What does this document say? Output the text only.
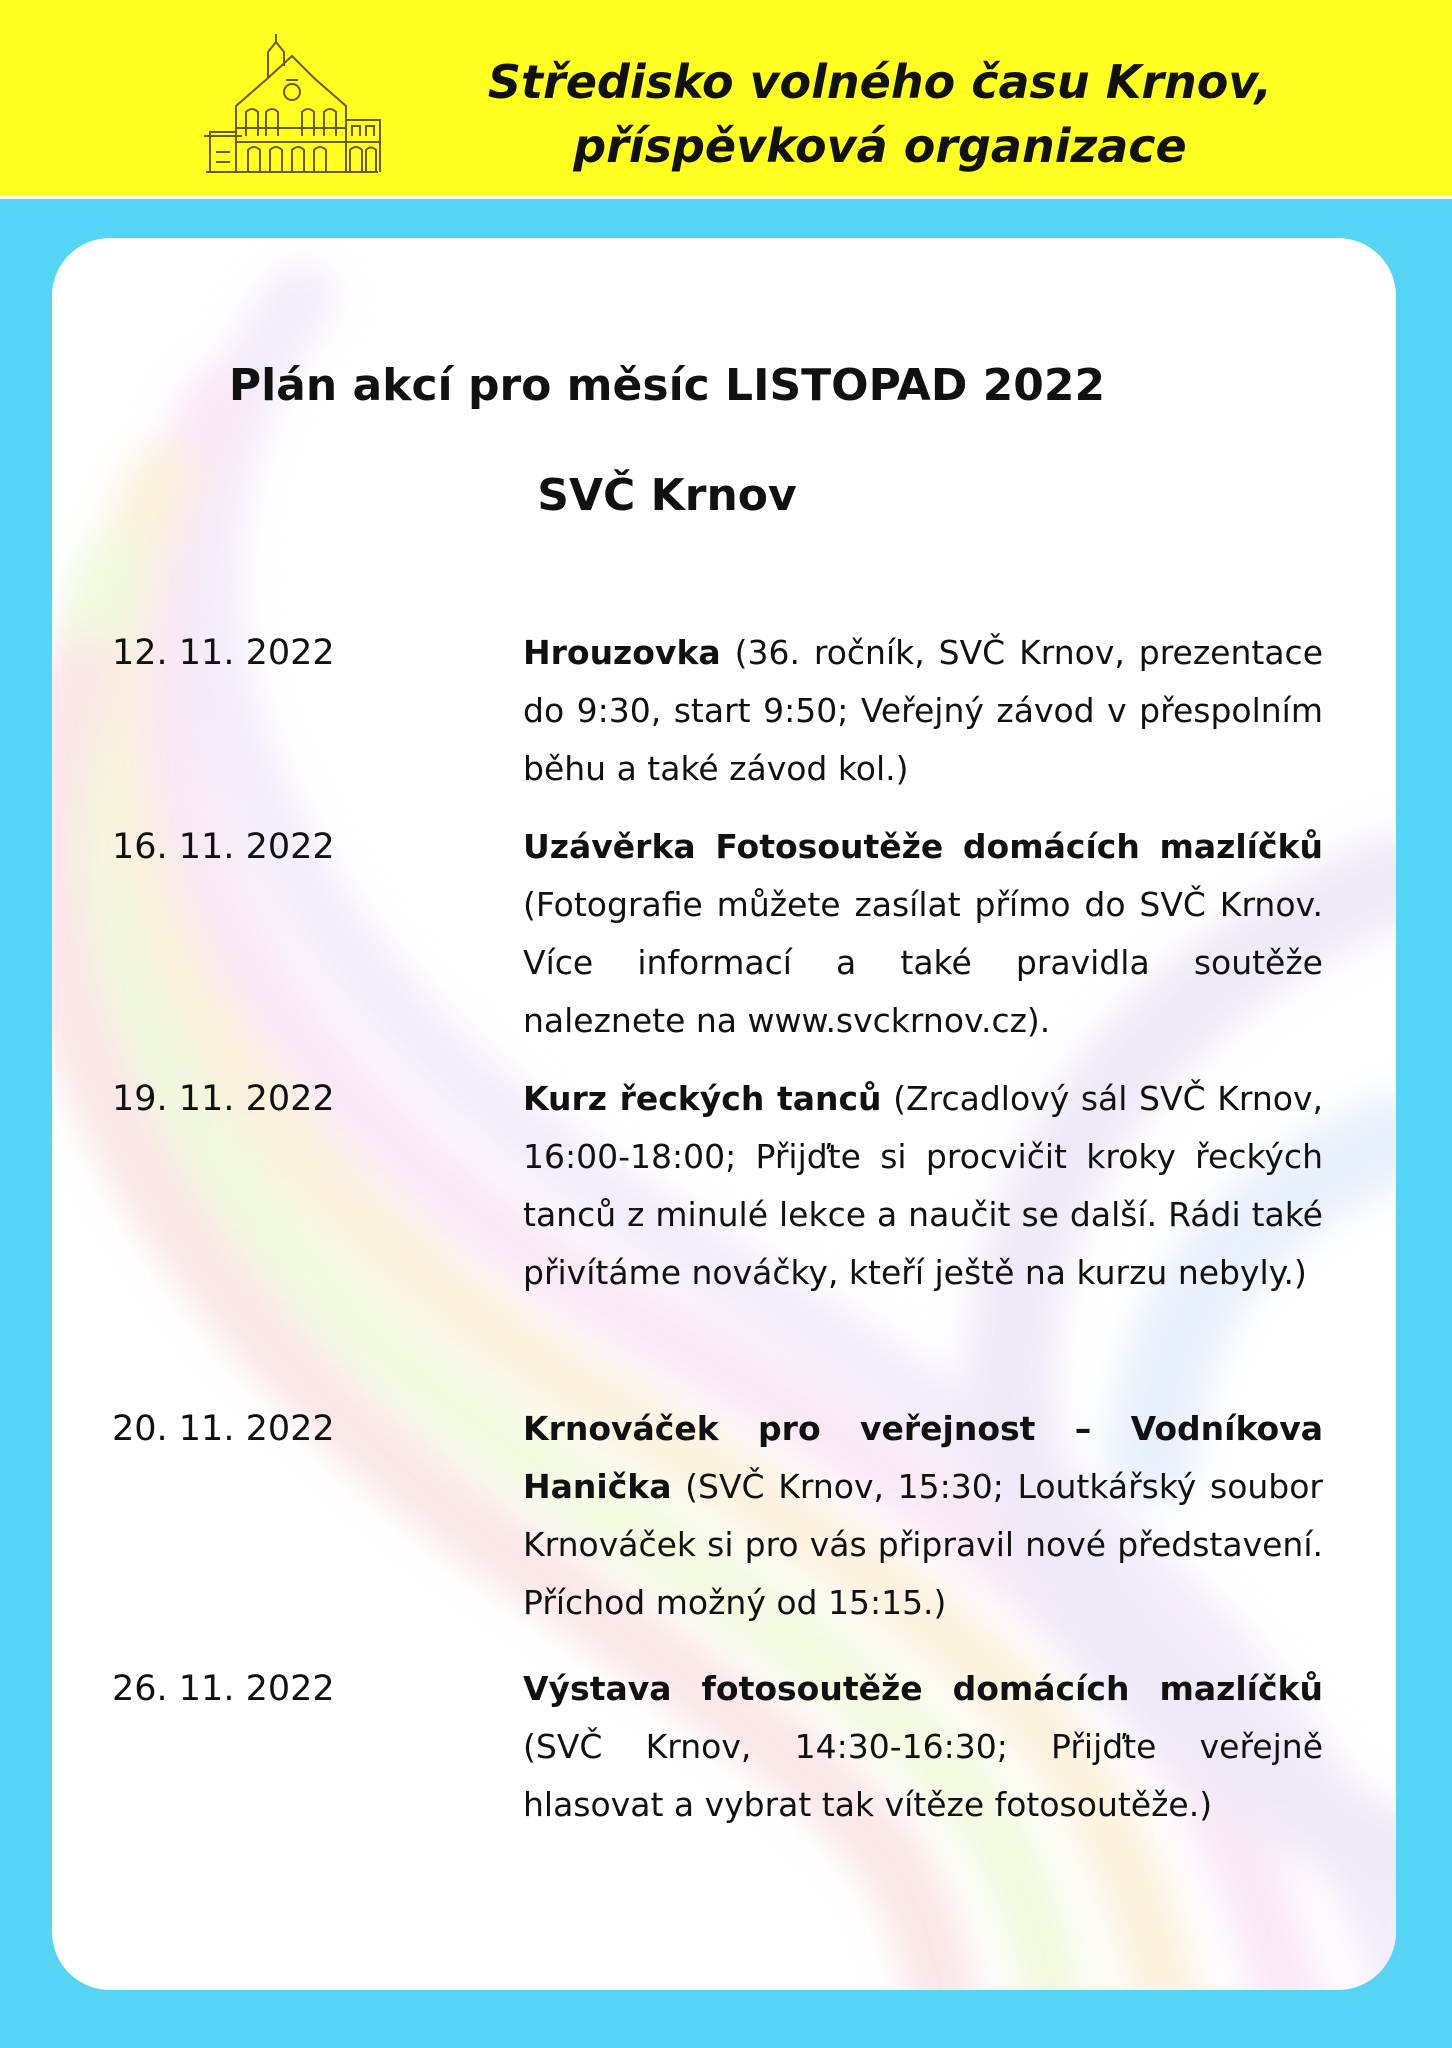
Středisko volného času Krnov,
příspěvková organizace
Plán akcí pro měsíc LISTOPAD 2022
SVČ Krnov
12. 11. 2022	Hrouzovka (36. ročník, SVČ Krnov, prezentace do 9:30, start 9:50; Veřejný závod v přespolním běhu a také závod kol.)
16. 11. 2022	Uzávěrka Fotosoutěže domácích mazlíčků (Fotografie můžete zasílat přímo do SVČ Krnov. Více informací a také pravidla soutěže naleznete na www.svckrnov.cz).
19. 11. 2022	Kurz řeckých tanců (Zrcadlový sál SVČ Krnov, 16:00-18:00; Přijďte si procvičit kroky řeckých tanců z minulé lekce a naučit se další. Rádi také přivítáme nováčky, kteří ještě na kurzu nebyly.)
20. 11. 2022	Krnováček pro veřejnost – Vodníkova Hanička (SVČ Krnov, 15:30; Loutkářský soubor Krnováček si pro vás připravil nové představení. Příchod možný od 15:15.)
26. 11. 2022	Výstava fotosoutěže domácích mazlíčků (SVČ Krnov, 14:30-16:30; Přijďte veřejně hlasovat a vybrat tak vítěze fotosoutěže.)
